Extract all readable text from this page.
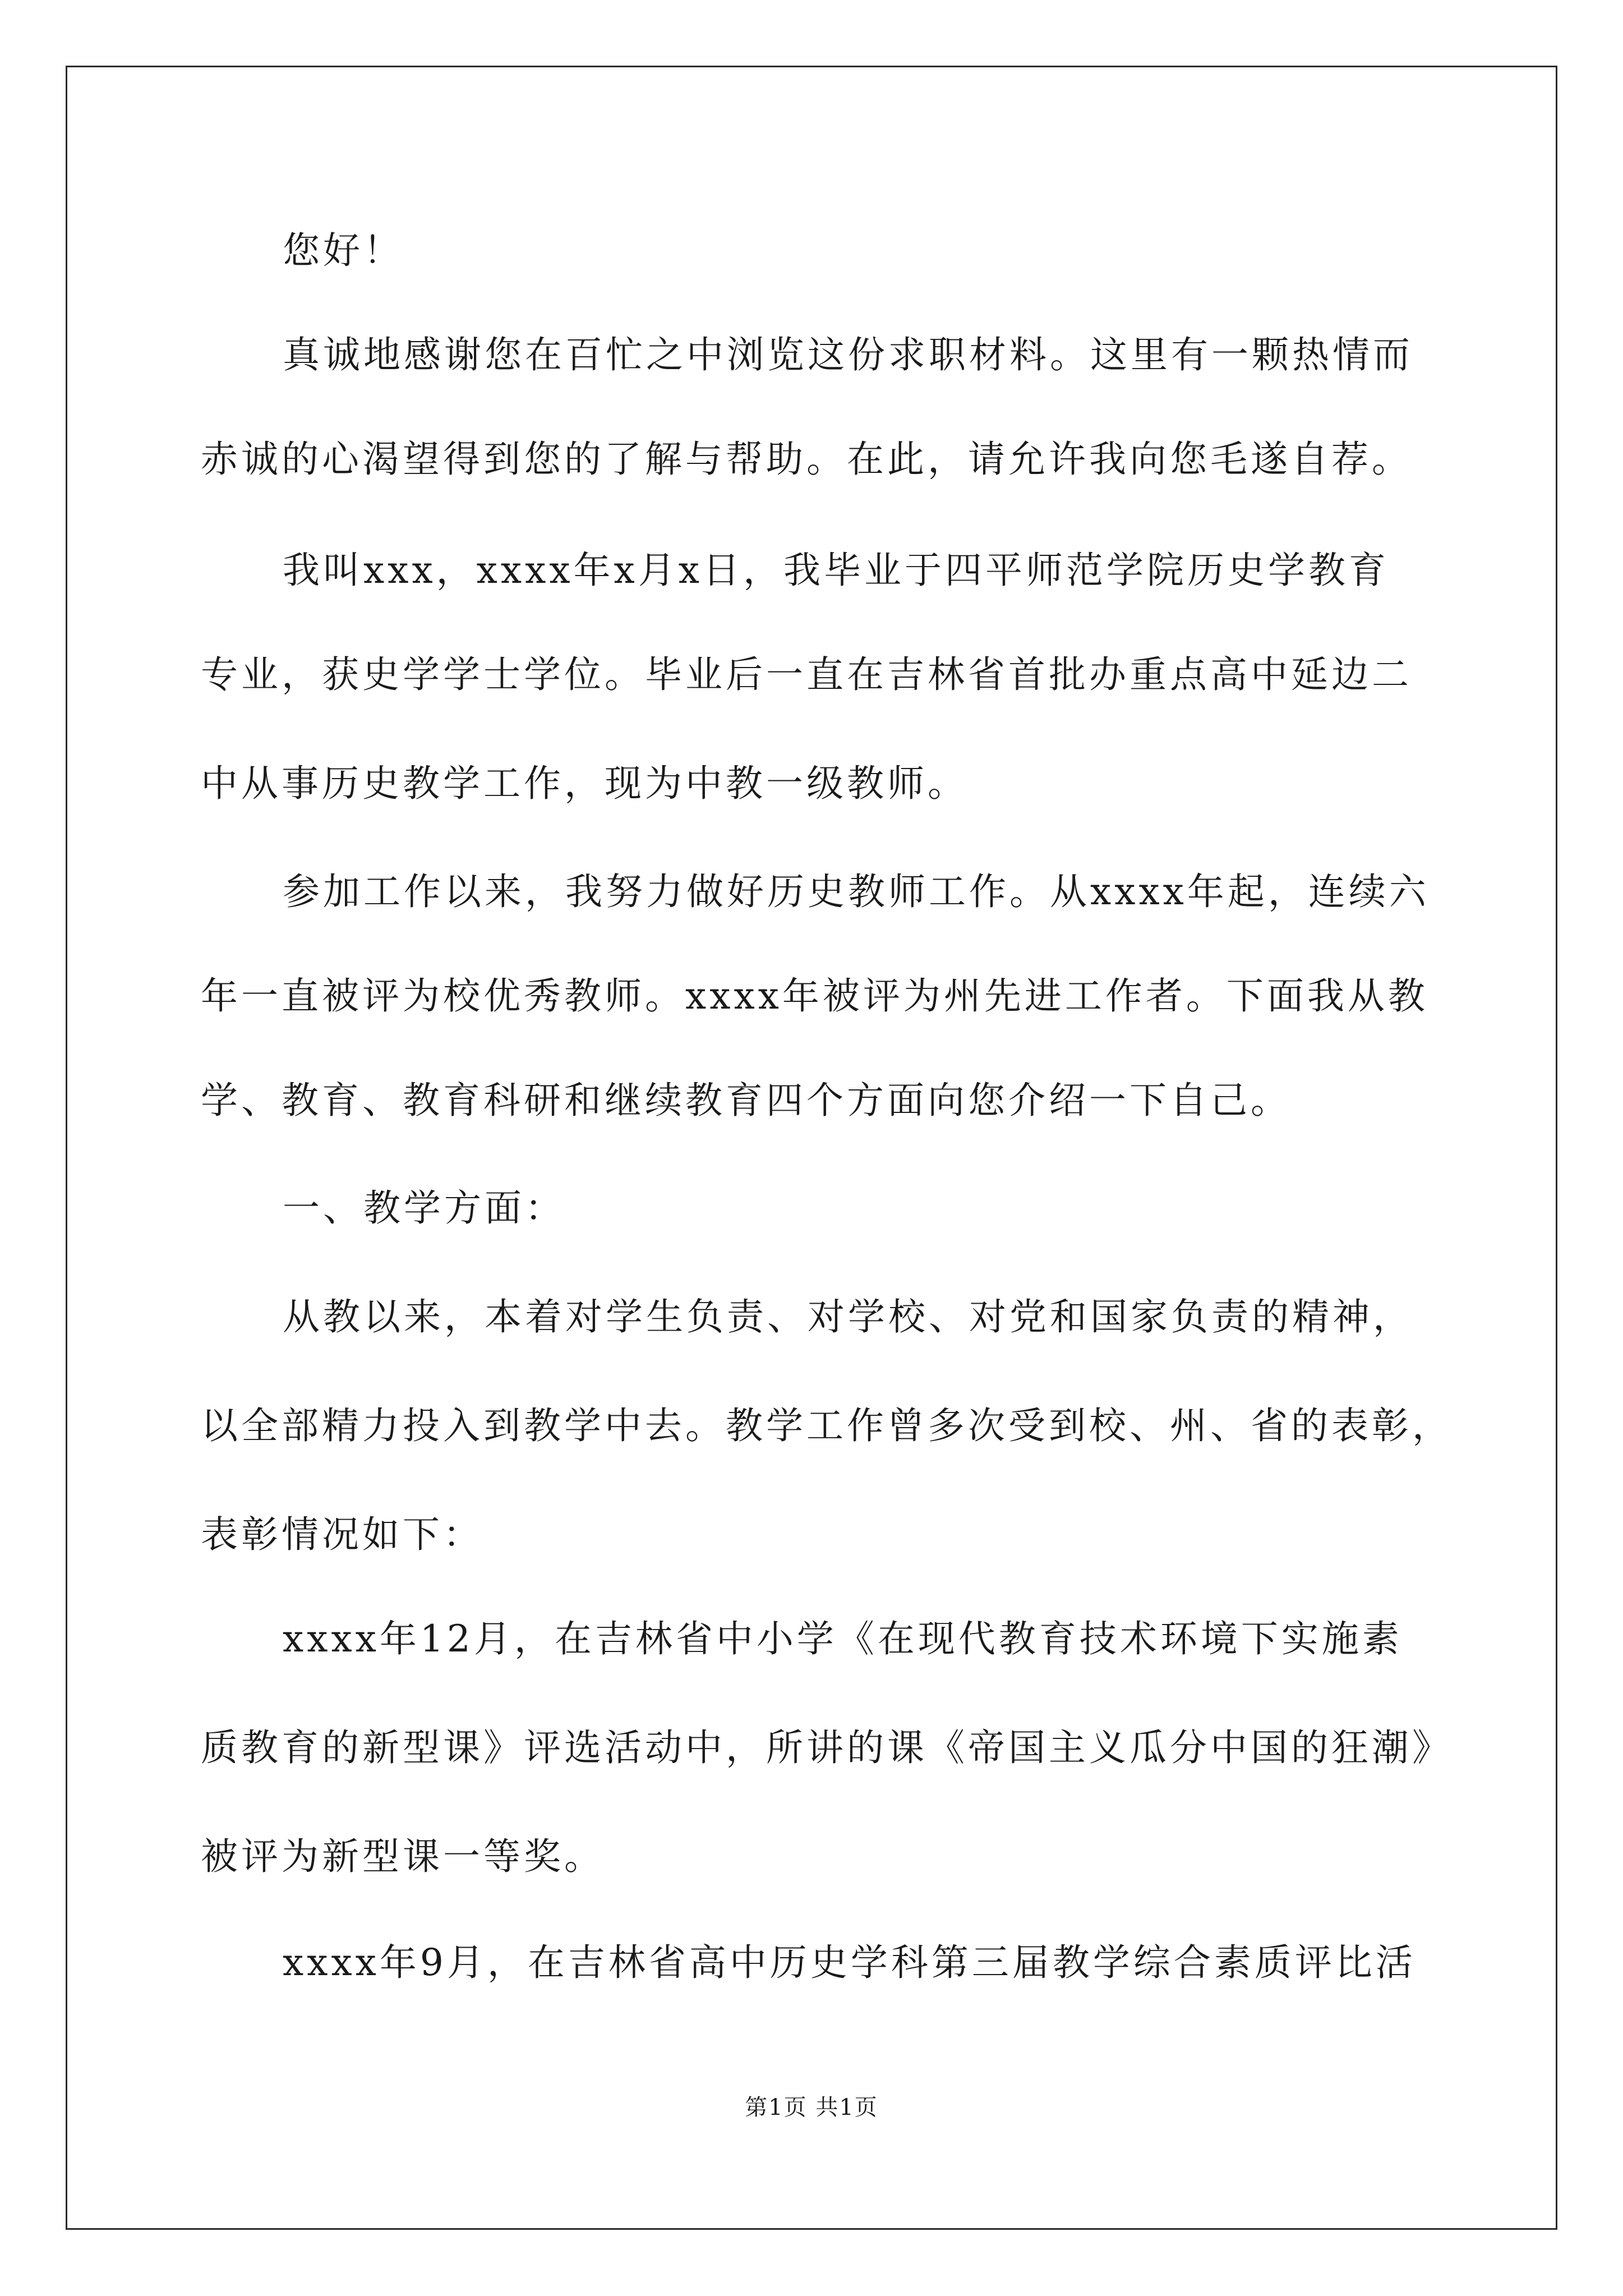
您好！
真诚地感谢您在百忙之中浏览这份求职材料。这里有一颗热情而
赤诚的心渴望得到您的了解与帮助。在此，请允许我向您毛遂自荐。
我叫xxx，xxxx年x月x日，我毕业于四平师范学院历史学教育
专业，获史学学士学位。毕业后一直在吉林省首批办重点高中延边二
中从事历史教学工作，现为中教一级教师。
参加工作以来，我努力做好历史教师工作。从xxxx年起，连续六
年一直被评为校优秀教师。xxxx年被评为州先进工作者。下面我从教
学、教育、教育科研和继续教育四个方面向您介绍一下自己。
一、教学方面：
从教以来，本着对学生负责、对学校、对党和国家负责的精神，
以全部精力投入到教学中去。教学工作曾多次受到校、州、省的表彰，
表彰情况如下：
xxxx年12月，在吉林省中小学《在现代教育技术环境下实施素
质教育的新型课》评选活动中，所讲的课《帝国主义瓜分中国的狂潮》
被评为新型课一等奖。
xxxx年9月，在吉林省高中历史学科第三届教学综合素质评比活
第1页 共1页
